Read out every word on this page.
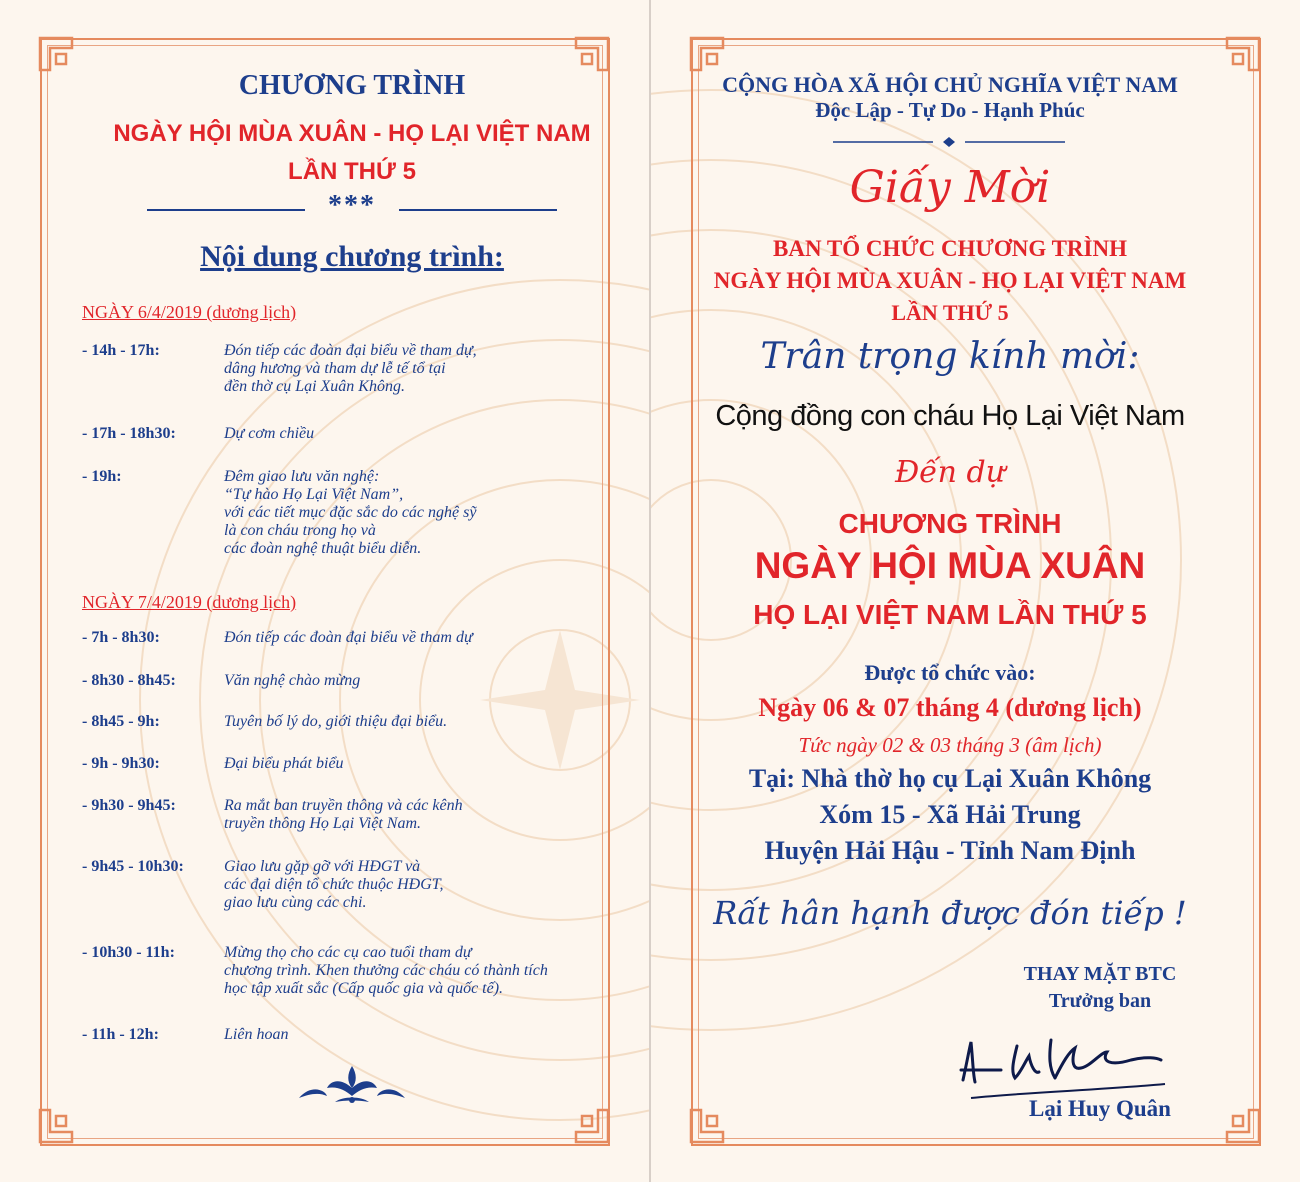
CHƯƠNG TRÌNH
NGÀY HỘI MÙA XUÂN - HỌ LẠI VIỆT NAM
LẦN THỨ 5
***
Nội dung chương trình:
NGÀY 6/4/2019 (dương lịch)
- 14h - 17h:	Đón tiếp các đoàn đại biểu về tham dự,
dâng hương và tham dự lễ tế tổ tại
đền thờ cụ Lại Xuân Không.
- 17h - 18h30:	Dự cơm chiều
- 19h:	Đêm giao lưu văn nghệ:
“Tự hào Họ Lại Việt Nam”,
với các tiết mục đặc sắc do các nghệ sỹ
là con cháu trong họ và
các đoàn nghệ thuật biểu diễn.
NGÀY 7/4/2019 (dương lịch)
- 7h - 8h30:	Đón tiếp các đoàn đại biểu về tham dự
- 8h30 - 8h45:	Văn nghệ chào mừng
- 8h45 - 9h:	Tuyên bố lý do, giới thiệu đại biểu.
- 9h - 9h30:	Đại biểu phát biểu
- 9h30 - 9h45:	Ra mắt ban truyền thông và các kênh
truyền thông Họ Lại Việt Nam.
- 9h45 - 10h30:	Giao lưu gặp gỡ với HĐGT và
các đại diện tổ chức thuộc HĐGT,
giao lưu cùng các chi.
- 10h30 - 11h:	Mừng thọ cho các cụ cao tuổi tham dự
chương trình. Khen thưởng các cháu có thành tích
học tập xuất sắc (Cấp quốc gia và quốc tế).
- 11h - 12h:	Liên hoan
CỘNG HÒA XÃ HỘI CHỦ NGHĨA VIỆT NAM
Độc Lập - Tự Do - Hạnh Phúc
Giấy Mời
BAN TỔ CHỨC CHƯƠNG TRÌNH
NGÀY HỘI MÙA XUÂN - HỌ LẠI VIỆT NAM
LẦN THỨ 5
Trân trọng kính mời:
Cộng đồng con cháu Họ Lại Việt Nam
Đến dự
CHƯƠNG TRÌNH
NGÀY HỘI MÙA XUÂN
HỌ LẠI VIỆT NAM LẦN THỨ 5
Được tổ chức vào:
Ngày 06 & 07 tháng 4 (dương lịch)
Tức ngày 02 & 03 tháng 3 (âm lịch)
Tại: Nhà thờ họ cụ Lại Xuân Không
Xóm 15 - Xã Hải Trung
Huyện Hải Hậu - Tỉnh Nam Định
Rất hân hạnh được đón tiếp !
THAY MẶT BTC
Trưởng ban
Lại Huy Quân
